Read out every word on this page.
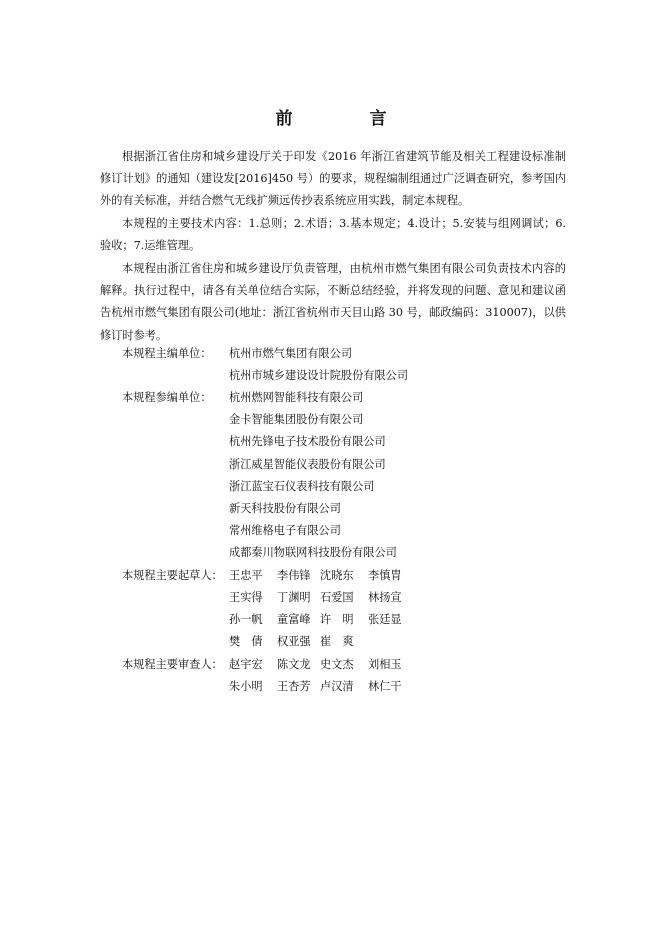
前　言

根据浙江省住房和城乡建设厅关于印发《2016 年浙江省建筑节能及相关工程建设标准制修订计划》的通知（建设发[2016]450 号）的要求，规程编制组通过广泛调查研究，参考国内外的有关标准，并结合燃气无线扩频远传抄表系统应用实践，制定本规程。

本规程的主要技术内容：1.总则；2.术语；3.基本规定；4.设计；5.安装与组网调试；6.验收；7.运维管理。

本规程由浙江省住房和城乡建设厅负责管理，由杭州市燃气集团有限公司负责技术内容的解释。执行过程中，请各有关单位结合实际，不断总结经验，并将发现的问题、意见和建议函告杭州市燃气集团有限公司(地址：浙江省杭州市天目山路 30 号，邮政编码：310007)，以供修订时参考。

本规程主编单位： 杭州市燃气集团有限公司
杭州市城乡建设设计院股份有限公司
本规程参编单位： 杭州燃网智能科技有限公司
金卡智能集团股份有限公司
杭州先锋电子技术股份有限公司
浙江威星智能仪表股份有限公司
浙江蓝宝石仪表科技有限公司
新天科技股份有限公司
常州维格电子有限公司
成都秦川物联网科技股份有限公司
本规程主要起草人： 王忠平 李伟锋 沈晓东 李慎胄
王实得 丁渊明 石爱国 林扬宣
孙一帆 童富峰 许　明 张廷显
樊　倩 权亚强 崔　爽
本规程主要审查人： 赵宇宏 陈文龙 史文杰 刘相玉
朱小明 王杏芳 卢汉清 林仁干
